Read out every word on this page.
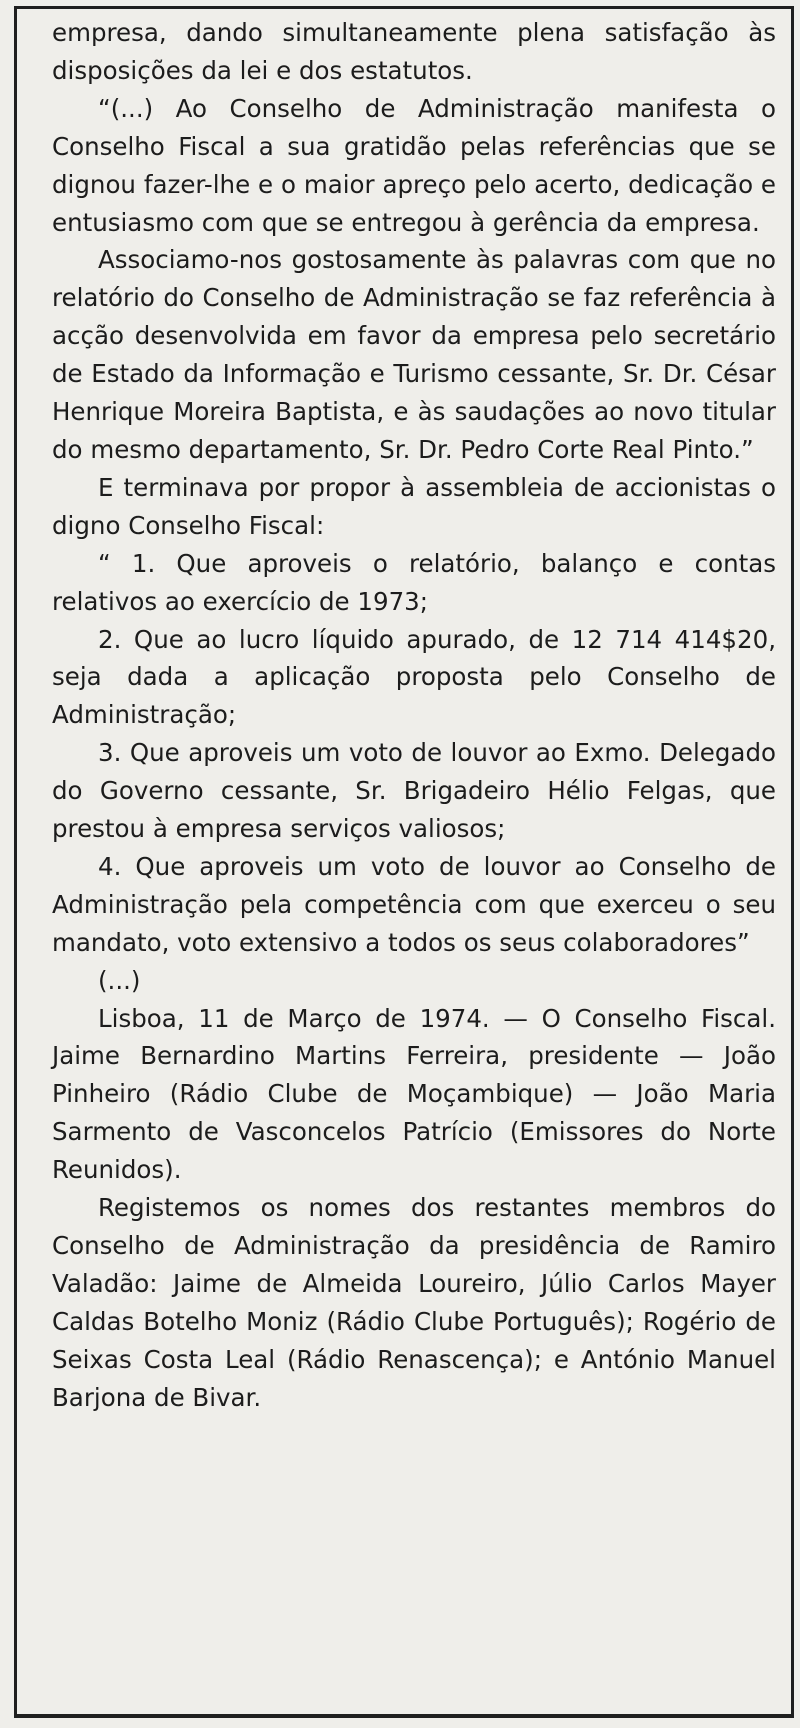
empresa, dando simultaneamente plena satisfação às disposições da lei e dos estatutos.

“(...) Ao Conselho de Administração manifesta o Conselho Fiscal a sua gratidão pelas referências que se dignou fazer-lhe e o maior apreço pelo acerto, dedicação e entusiasmo com que se entregou à gerência da empresa.

Associamo-nos gostosamente às palavras com que no relatório do Conselho de Administração se faz referência à acção desenvolvida em favor da empresa pelo secretário de Estado da Informação e Turismo cessante, Sr. Dr. César Henrique Moreira Baptista, e às saudações ao novo titular do mesmo departamento, Sr. Dr. Pedro Corte Real Pinto.”

E terminava por propor à assembleia de accionistas o digno Conselho Fiscal:

“ 1. Que aproveis o relatório, balanço e contas relativos ao exercício de 1973;

2. Que ao lucro líquido apurado, de 12 714 414$20, seja dada a aplicação proposta pelo Conselho de Administração;

3. Que aproveis um voto de louvor ao Exmo. Delegado do Governo cessante, Sr. Brigadeiro Hélio Felgas, que prestou à empresa serviços valiosos;

4. Que aproveis um voto de louvor ao Conselho de Administração pela competência com que exerceu o seu mandato, voto extensivo a todos os seus colaboradores”

(...)

Lisboa, 11 de Março de 1974. — O Conselho Fiscal. Jaime Bernardino Martins Ferreira, presidente — João Pinheiro (Rádio Clube de Moçambique) — João Maria Sarmento de Vasconcelos Patrício (Emissores do Norte Reunidos).

Registemos os nomes dos restantes membros do Conselho de Administração da presidência de Ramiro Valadão: Jaime de Almeida Loureiro, Júlio Carlos Mayer Caldas Botelho Moniz (Rádio Clube Português); Rogério de Seixas Costa Leal (Rádio Renascença); e António Manuel Barjona de Bivar.
